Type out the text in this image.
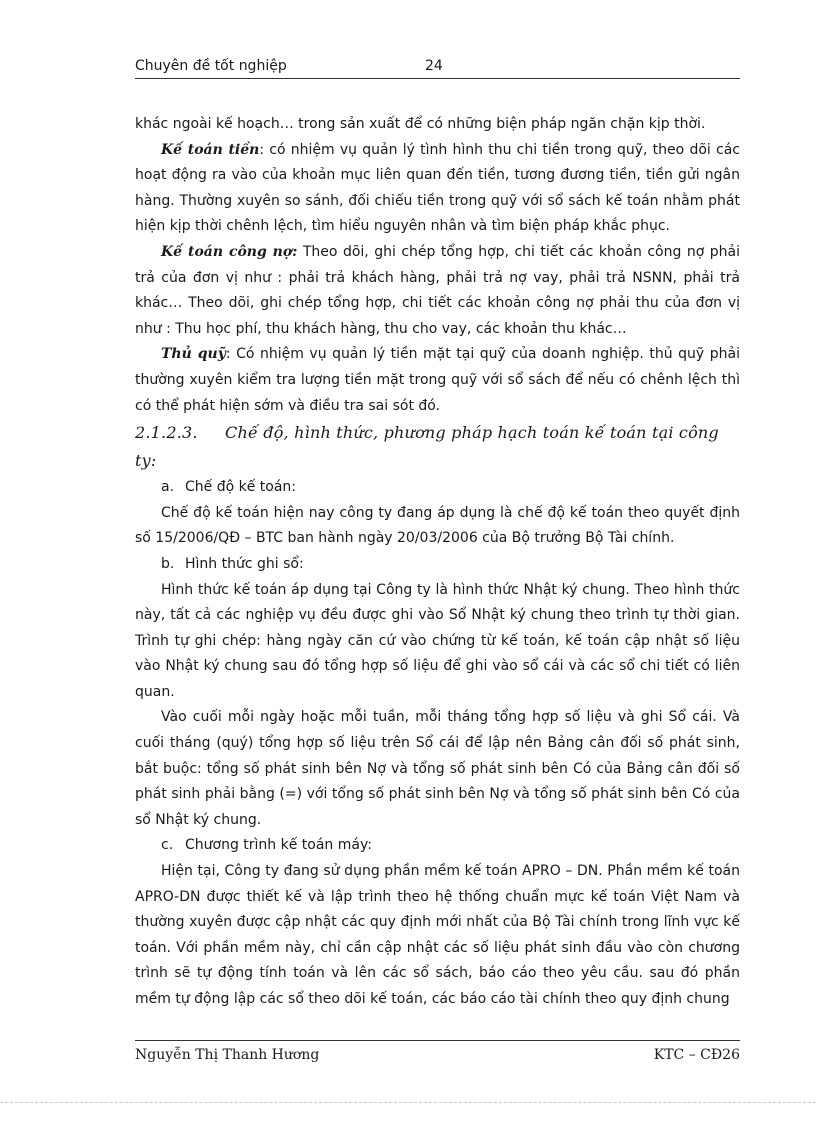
Chuyên đề tốt nghiệp	24

khác ngoài kế hoạch… trong sản xuất để có những biện pháp ngăn chặn kịp thời.

Kế toán tiền: có nhiệm vụ quản lý tình hình thu chi tiền trong quỹ, theo dõi các hoạt động ra vào của khoản mục liên quan đến tiền, tương đương tiền, tiền gửi ngân hàng. Thường xuyên so sánh, đối chiếu tiền trong quỹ với sổ sách kế toán nhằm phát hiện kịp thời chênh lệch, tìm hiểu nguyên nhân và tìm biện pháp khắc phục.

Kế toán công nợ: Theo dõi, ghi chép tổng hợp, chi tiết các khoản công nợ phải trả của đơn vị như : phải trả khách hàng, phải trả nợ vay, phải trả NSNN, phải trả khác… Theo dõi, ghi chép tổng hợp, chi tiết các khoản công nợ phải thu của đơn vị như : Thu học phí, thu khách hàng, thu cho vay, các khoản thu khác…

Thủ quỹ: Có nhiệm vụ quản lý tiền mặt tại quỹ của doanh nghiệp. thủ quỹ phải thường xuyên kiểm tra lượng tiền mặt trong quỹ với sổ sách để nếu có chênh lệch thì có thể phát hiện sớm và điều tra sai sót đó.

2.1.2.3. Chế độ, hình thức, phương pháp hạch toán kế toán tại công ty:

a. Chế độ kế toán:

Chế độ kế toán hiện nay công ty đang áp dụng là chế độ kế toán theo quyết định số 15/2006/QĐ – BTC ban hành ngày 20/03/2006 của Bộ trưởng Bộ Tài chính.

b. Hình thức ghi sổ:

Hình thức kế toán áp dụng tại Công ty là hình thức Nhật ký chung. Theo hình thức này, tất cả các nghiệp vụ đều được ghi vào Sổ Nhật ký chung theo trình tự thời gian. Trình tự ghi chép: hàng ngày căn cứ vào chứng từ kế toán, kế toán cập nhật số liệu vào Nhật ký chung sau đó tổng hợp số liệu để ghi vào sổ cái và các sổ chi tiết có liên quan.

Vào cuối mỗi ngày hoặc mỗi tuần, mỗi tháng tổng hợp số liệu và ghi Sổ cái. Và cuối tháng (quý) tổng hợp số liệu trên Sổ cái để lập nên Bảng cân đối số phát sinh, bắt buộc: tổng số phát sinh bên Nợ và tổng số phát sinh bên Có của Bảng cân đối số phát sinh phải bằng (=) với tổng số phát sinh bên Nợ và tổng số phát sinh bên Có của sổ Nhật ký chung.

c. Chương trình kế toán máy:

Hiện tại, Công ty đang sử dụng phần mềm kế toán APRO – DN. Phần mềm kế toán APRO-DN được thiết kế và lập trình theo hệ thống chuẩn mực kế toán Việt Nam và thường xuyên được cập nhật các quy định mới nhất của Bộ Tài chính trong lĩnh vực kế toán. Với phần mềm này, chỉ cần cập nhật các số liệu phát sinh đầu vào còn chương trình sẽ tự động tính toán và lên các sổ sách, báo cáo theo yêu cầu. sau đó phần mềm tự động lập các sổ theo dõi kế toán, các báo cáo tài chính theo quy định chung

Nguyễn Thị Thanh Hương	KTC – CĐ26
